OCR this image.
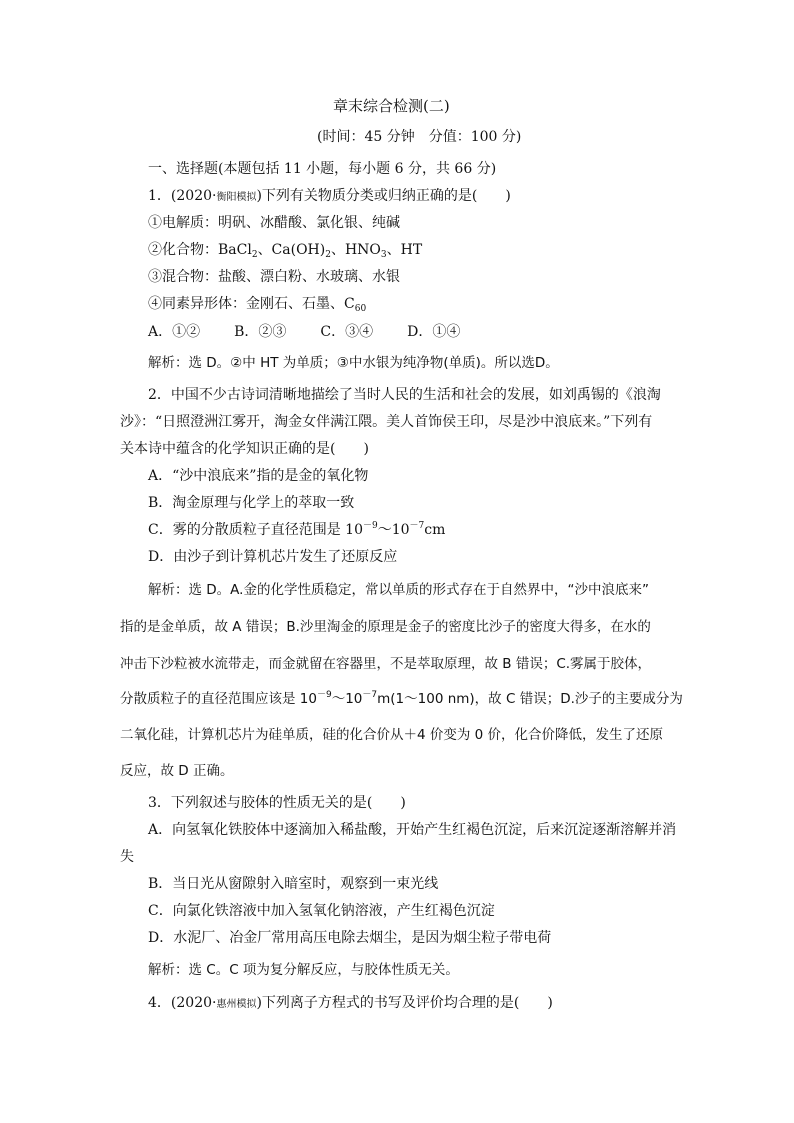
章末综合检测(二)
(时间：45 分钟　分值：100 分)
一、选择题(本题包括 11 小题，每小题 6 分，共 66 分)
1．(2020·衡阳模拟)下列有关物质分类或归纳正确的是(　　)
①电解质：明矾、冰醋酸、氯化银、纯碱
②化合物：BaCl$_2$、$Ca(OH)_2$、$HNO_3$、HT
③混合物：盐酸、漂白粉、水玻璃、水银
④同素异形体：金刚石、石墨、$C_{60}$
A．①② B．②③ C．③④ D．①④
解析：选 D。②中 HT 为单质；③中水银为纯净物(单质)。所以选D。
2．中国不少古诗词清晰地描绘了当时人民的生活和社会的发展，如刘禹锡的《浪淘
沙》：“日照澄洲江雾开，淘金女伴满江隈。美人首饰侯王印，尽是沙中浪底来。”下列有
关本诗中蕴含的化学知识正确的是(　　)
A．“沙中浪底来”指的是金的氧化物
B．淘金原理与化学上的萃取一致
C．雾的分散质粒子直径范围是 $10^{-9}\sim 10^{-7}cm$
D．由沙子到计算机芯片发生了还原反应
解析：选 D。A.金的化学性质稳定，常以单质的形式存在于自然界中，“沙中浪底来”
指的是金单质，故 A 错误；B.沙里淘金的原理是金子的密度比沙子的密度大得多，在水的
冲击下沙粒被水流带走，而金就留在容器里，不是萃取原理，故 B 错误；C.雾属于胶体，
分散质粒子的直径范围应该是 $10^{-9}\sim 10^{-7}m(1\sim 100$ nm)，故 C 错误；D.沙子的主要成分为
二氧化硅，计算机芯片为硅单质，硅的化合价从＋4 价变为 0 价，化合价降低，发生了还原
反应，故 D 正确。
3．下列叙述与胶体的性质无关的是(　　)
A．向氢氧化铁胶体中逐滴加入稀盐酸，开始产生红褐色沉淀，后来沉淀逐渐溶解并消
失
B．当日光从窗隙射入暗室时，观察到一束光线
C．向氯化铁溶液中加入氢氧化钠溶液，产生红褐色沉淀
D．水泥厂、冶金厂常用高压电除去烟尘，是因为烟尘粒子带电荷
解析：选 C。C 项为复分解反应，与胶体性质无关。
4．(2020·惠州模拟)下列离子方程式的书写及评价均合理的是(　　)
